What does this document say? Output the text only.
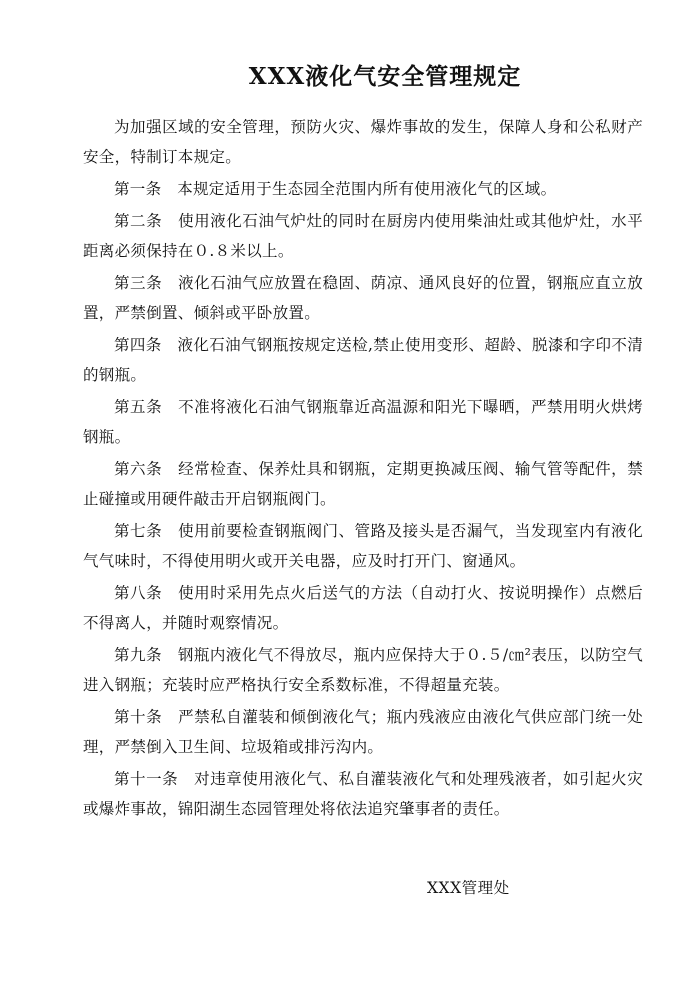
XXX液化气安全管理规定

为加强区域的安全管理，预防火灾、爆炸事故的发生，保障人身和公私财产安全，特制订本规定。

第一条　本规定适用于生态园全范围内所有使用液化气的区域。

第二条　使用液化石油气炉灶的同时在厨房内使用柴油灶或其他炉灶，水平距离必须保持在０.８米以上。

第三条　液化石油气应放置在稳固、荫凉、通风良好的位置，钢瓶应直立放置，严禁倒置、倾斜或平卧放置。

第四条　液化石油气钢瓶按规定送检,禁止使用变形、超龄、脱漆和字印不清的钢瓶。

第五条　不准将液化石油气钢瓶靠近高温源和阳光下曝晒，严禁用明火烘烤钢瓶。

第六条　经常检查、保养灶具和钢瓶，定期更换减压阀、输气管等配件，禁止碰撞或用硬件敲击开启钢瓶阀门。

第七条　使用前要检查钢瓶阀门、管路及接头是否漏气，当发现室内有液化气气味时，不得使用明火或开关电器，应及时打开门、窗通风。

第八条　使用时采用先点火后送气的方法（自动打火、按说明操作）点燃后不得离人，并随时观察情况。

第九条　钢瓶内液化气不得放尽，瓶内应保持大于０.５/㎝²表压，以防空气进入钢瓶；充装时应严格执行安全系数标准，不得超量充装。

第十条　严禁私自灌装和倾倒液化气；瓶内残液应由液化气供应部门统一处理，严禁倒入卫生间、垃圾箱或排污沟内。

第十一条　对违章使用液化气、私自灌装液化气和处理残液者，如引起火灾或爆炸事故，锦阳湖生态园管理处将依法追究肇事者的责任。

XXX管理处
